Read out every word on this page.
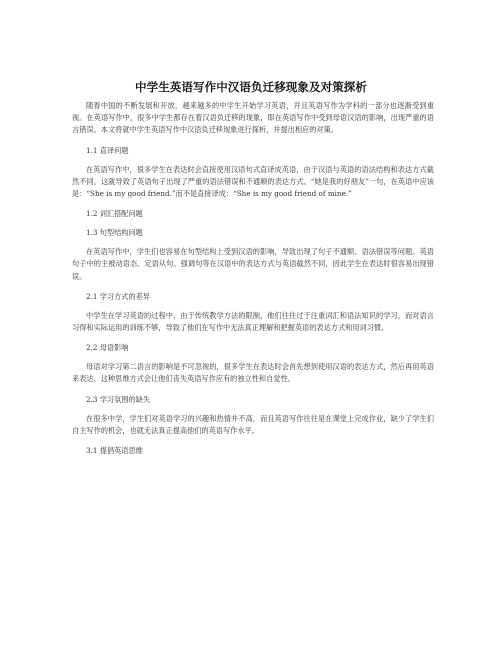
中学生英语写作中汉语负迁移现象及对策探析

随着中国的不断发展和开放，越来越多的中学生开始学习英语，并且英语写作为学科的一部分也逐渐受到重视。在英语写作中，很多中学生都存在着汉语负迁移的现象，即在英语写作中受到母语汉语的影响，出现严重的语言错误。本文将就中学生英语写作中汉语负迁移现象进行探析，并提出相应的对策。

1.1 直译问题

在英语写作中，很多学生在表达时会直接使用汉语句式直译成英语，由于汉语与英语的语法结构和表达方式截然不同，这就导致了英语句子出现了严重的语法错误和不通顺的表达方式。“她是我的好朋友”一句，在英语中应该是：“She is my good friend.”而不是直接译成：“She is my good friend of mine.”

1.2 词汇搭配问题

1.3 句型结构问题

在英语写作中，学生们也容易在句型结构上受到汉语的影响，导致出现了句子不通顺、语法错误等问题。英语句子中的主被动语态、定语从句、强调句等在汉语中的表达方式与英语截然不同，因此学生在表达时很容易出现错误。

2.1 学习方式的差异

中学生在学习英语的过程中，由于传统教学方法的限制，他们往往过于注重词汇和语法知识的学习，而对语言习得和实际运用的训练不够，导致了他们在写作中无法真正理解和把握英语的表达方式和用词习惯。

2.2 母语影响

母语对学习第二语言的影响是不可忽视的，很多学生在表达时会首先想到使用汉语的表达方式，然后再用英语来表达，这种思维方式会让他们丧失英语写作应有的独立性和自觉性。

2.3 学习氛围的缺失

在很多中学，学生们对英语学习的兴趣和热情并不高，而且英语写作往往是在课堂上完成作业，缺少了学生们自主写作的机会，也就无法真正提高他们的英语写作水平。

3.1 提倡英语思维
